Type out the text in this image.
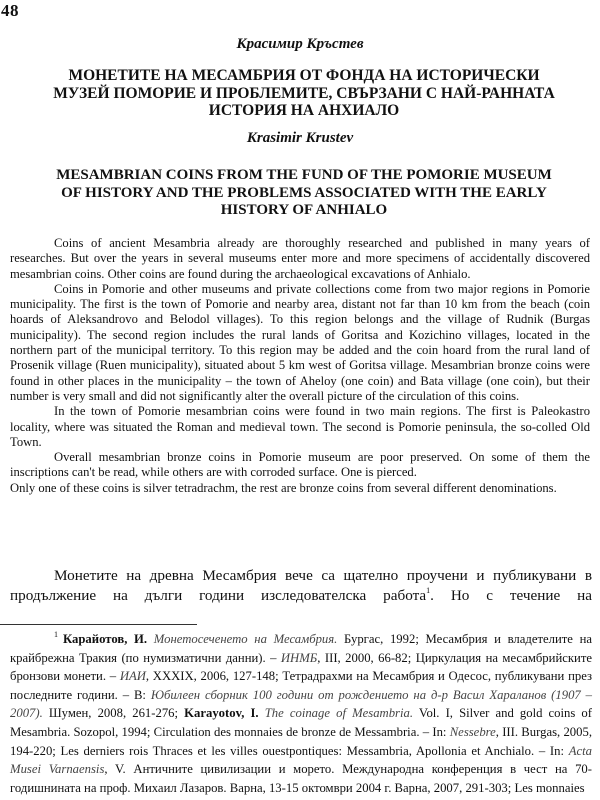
48
Красимир Кръстев
МОНЕТИТЕ НА МЕСАМБРИЯ ОТ ФОНДА НА ИСТОРИЧЕСКИ
МУЗЕЙ ПОМОРИЕ И ПРОБЛЕМИТЕ, СВЪРЗАНИ С НАЙ-РАННАТА
ИСТОРИЯ НА АНХИАЛО
Krasimir Krustev
MESAMBRIAN COINS FROM THE FUND OF THE POMORIE MUSEUM
OF HISTORY AND THE PROBLEMS ASSOCIATED WITH THE EARLY
HISTORY OF ANHIALO

Coins of ancient Mesambria already are thoroughly researched and published in many years of researches. But over the years in several museums enter more and more specimens of accidentally discovered mesambrian coins. Other coins are found during the archaeological excavations of Anhialo.

Coins in Pomorie and other museums and private collections come from two major regions in Pomorie municipality. The first is the town of Pomorie and nearby area, distant not far than 10 km from the beach (coin hoards of Aleksandrovo and Belodol villages). To this region belongs and the village of Rudnik (Burgas municipality). The second region includes the rural lands of Goritsa and Kozichino villages, located in the northern part of the municipal territory. To this region may be added and the coin hoard from the rural land of Prosenik village (Ruen municipality), situated about 5 km west of Goritsa village. Mesambrian bronze coins were found in other places in the municipality – the town of Aheloy (one coin) and Bata village (one coin), but their number is very small and did not significantly alter the overall picture of the circulation of this coins.

In the town of Pomorie mesambrian coins were found in two main regions. The first is Paleokastro locality, where was situated the Roman and medieval town. The second is Pomorie peninsula, the so-colled Old Town.

Overall mesambrian bronze coins in Pomorie museum are poor preserved. On some of them the inscriptions can't be read, while others are with corroded surface. One is pierced.

Only one of these coins is silver tetradrachm, the rest are bronze coins from several different denominations.

Монетите на древна Месамбрия вече са щателно проучени и публикувани в продължение на дълги години изследователска работа$^1$. Но с течение на

$^1$ Карайотов, И. Монетосеченето на Месамбрия. Бургас, 1992; Месамбрия и владетелите на крайбрежна Тракия (по нумизматични данни). – ИНМБ, III, 2000, 66-82; Циркулация на месамбрийските бронзови монети. – ИАИ, XXXIX, 2006, 127-148; Тетрадрахми на Месамбрия и Одесос, публикувани през последните години. – В: Юбилеен сборник 100 години от рождението на д-р Васил Хараланов (1907 – 2007). Шумен, 2008, 261-276; Karayotov, I. The coinage of Mesambria. Vol. I, Silver and gold coins of Mesambria. Sozopol, 1994; Circulation des monnaies de bronze de Messambria. – In: Nessebre, III. Burgas, 2005, 194-220; Les derniers rois Thraces et les villes ouestpontiques: Messambria, Apollonia et Anchialo. – In: Acta Musei Varnaensis, V. Античните цивилизации и морето. Международна конференция в чест на 70-годишнината на проф. Михаил Лазаров. Варна, 13-15 октомври 2004 г. Варна, 2007, 291-303; Les monnaies
